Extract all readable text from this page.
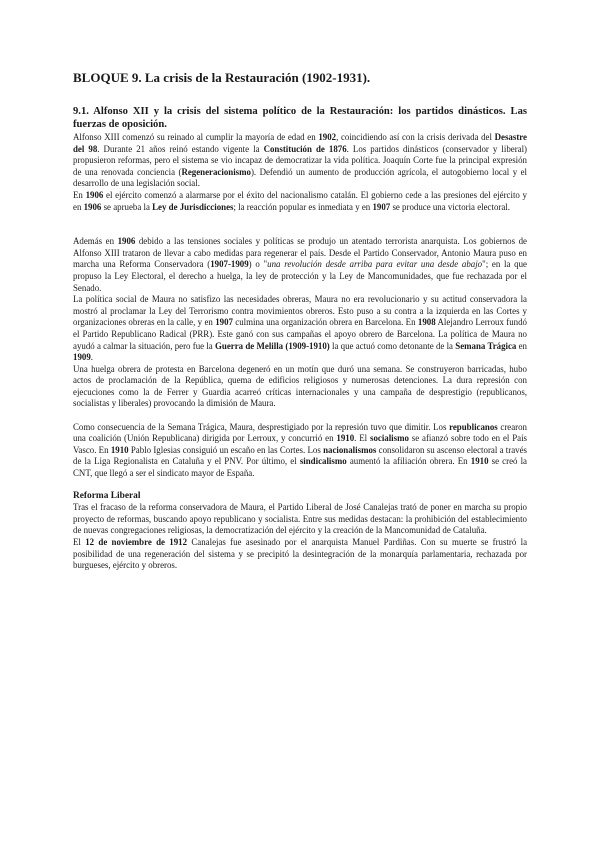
BLOQUE 9. La crisis de la Restauración (1902-1931).
9.1. Alfonso XII y la crisis del sistema político de la Restauración: los partidos dinásticos. Las fuerzas de oposición.

Alfonso XIII comenzó su reinado al cumplir la mayoría de edad en 1902, coincidiendo así con la crisis derivada del Desastre del 98. Durante 21 años reinó estando vigente la Constitución de 1876. Los partidos dinásticos (conservador y liberal) propusieron reformas, pero el sistema se vio incapaz de democratizar la vida política. Joaquín Corte fue la principal expresión de una renovada conciencia (Regeneracionismo). Defendió un aumento de producción agrícola, el autogobierno local y el desarrollo de una legislación social.

En 1906 el ejército comenzó a alarmarse por el éxito del nacionalismo catalán. El gobierno cede a las presiones del ejército y en 1906 se aprueba la Ley de Jurisdicciones; la reacción popular es inmediata y en 1907 se produce una victoria electoral.

Además en 1906 debido a las tensiones sociales y políticas se produjo un atentado terrorista anarquista. Los gobiernos de Alfonso XIII trataron de llevar a cabo medidas para regenerar el país. Desde el Partido Conservador, Antonio Maura puso en marcha una Reforma Conservadora (1907-1909) o "una revolución desde arriba para evitar una desde abajo"; en la que propuso la Ley Electoral, el derecho a huelga, la ley de protección y la Ley de Mancomunidades, que fue rechazada por el Senado.

La política social de Maura no satisfizo las necesidades obreras, Maura no era revolucionario y su actitud conservadora la mostró al proclamar la Ley del Terrorismo contra movimientos obreros. Esto puso a su contra a la izquierda en las Cortes y organizaciones obreras en la calle, y en 1907 culmina una organización obrera en Barcelona. En 1908 Alejandro Lerroux fundó el Partido Republicano Radical (PRR). Este ganó con sus campañas el apoyo obrero de Barcelona. La política de Maura no ayudó a calmar la situación, pero fue la Guerra de Melilla (1909-1910) la que actuó como detonante de la Semana Trágica en 1909.

Una huelga obrera de protesta en Barcelona degeneró en un motín que duró una semana. Se construyeron barricadas, hubo actos de proclamación de la República, quema de edificios religiosos y numerosas detenciones. La dura represión con ejecuciones como la de Ferrer y Guardia acarreó críticas internacionales y una campaña de desprestigio (republicanos, socialistas y liberales) provocando la dimisión de Maura.

Como consecuencia de la Semana Trágica, Maura, desprestigiado por la represión tuvo que dimitir. Los republicanos crearon una coalición (Unión Republicana) dirigida por Lerroux, y concurrió en 1910. El socialismo se afianzó sobre todo en el País Vasco. En 1910 Pablo Iglesias consiguió un escaño en las Cortes. Los nacionalismos consolidaron su ascenso electoral a través de la Liga Regionalista en Cataluña y el PNV. Por último, el sindicalismo aumentó la afiliación obrera. En 1910 se creó la CNT, que llegó a ser el sindicato mayor de España.

Reforma Liberal

Tras el fracaso de la reforma conservadora de Maura, el Partido Liberal de José Canalejas trató de poner en marcha su propio proyecto de reformas, buscando apoyo republicano y socialista. Entre sus medidas destacan: la prohibición del establecimiento de nuevas congregaciones religiosas, la democratización del ejército y la creación de la Mancomunidad de Cataluña.

El 12 de noviembre de 1912 Canalejas fue asesinado por el anarquista Manuel Pardiñas. Con su muerte se frustró la posibilidad de una regeneración del sistema y se precipitó la desintegración de la monarquía parlamentaria, rechazada por burgueses, ejército y obreros.
